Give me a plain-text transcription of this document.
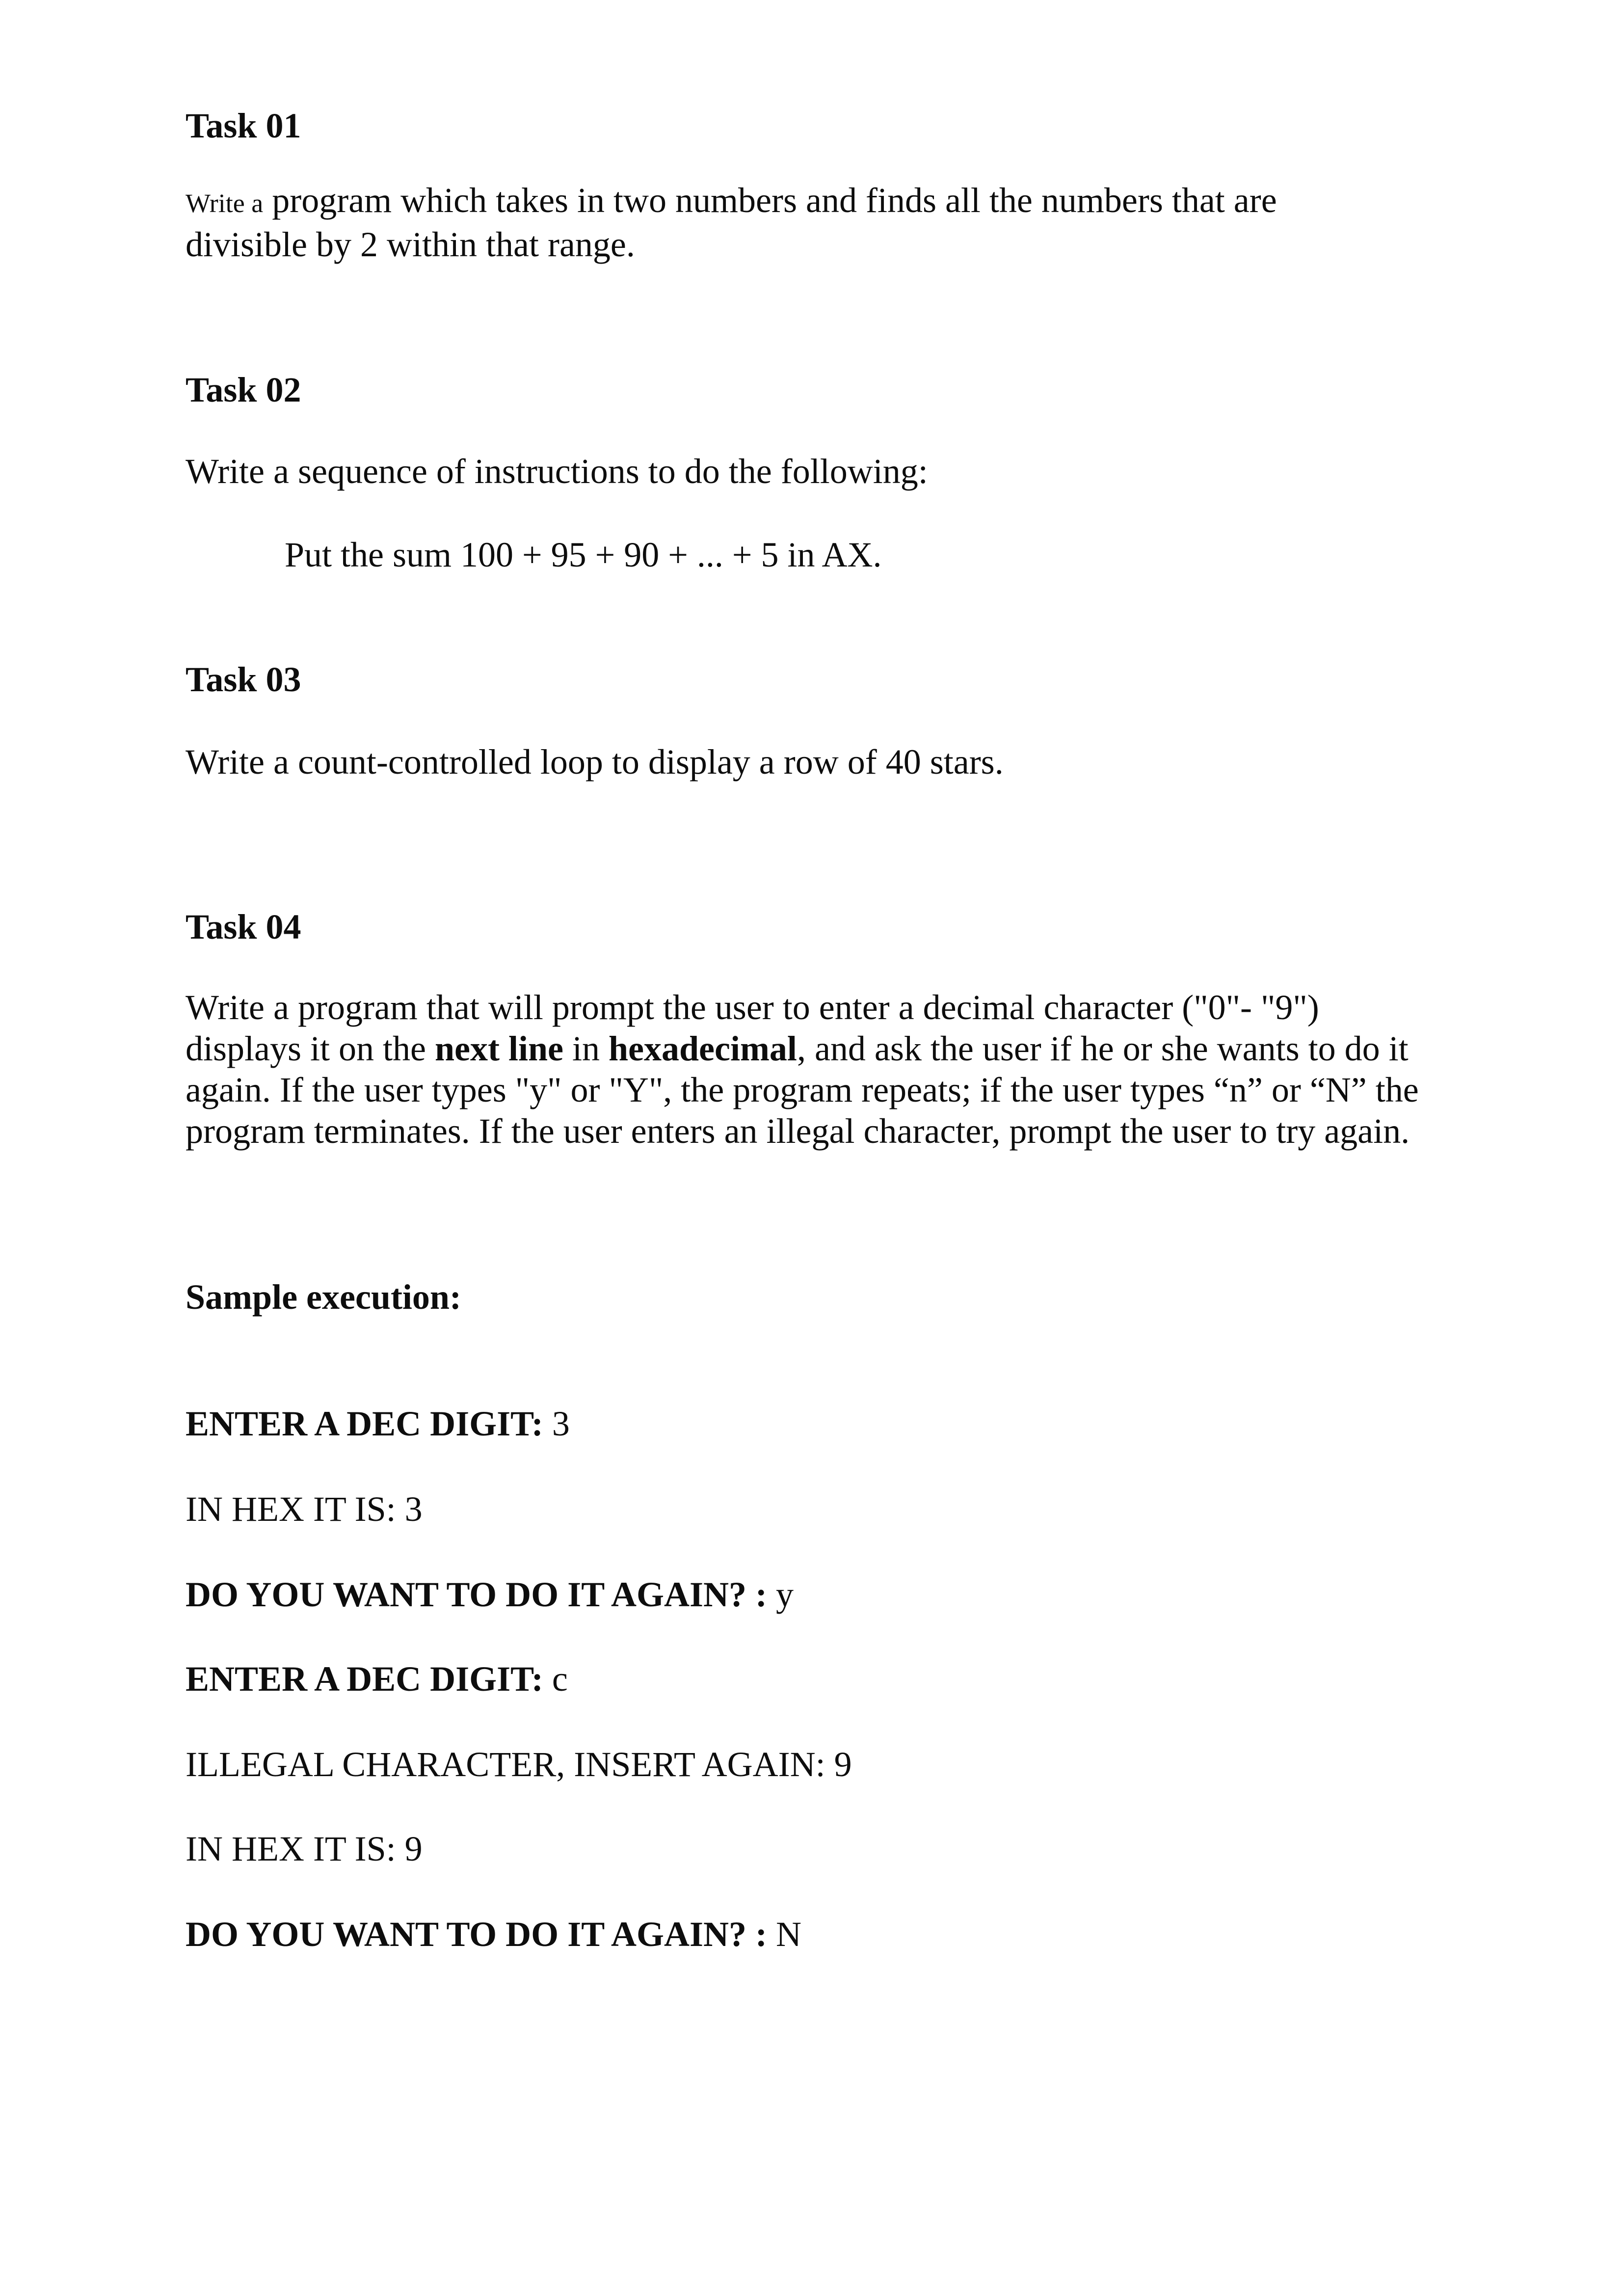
Task 01

Write a program which takes in two numbers and finds all the numbers that are
divisible by 2 within that range.

Task 02

Write a sequence of instructions to do the following:

Put the sum 100 + 95 + 90 + ... + 5 in AX.

Task 03

Write a count-controlled loop to display a row of 40 stars.

Task 04

Write a program that will prompt the user to enter a decimal character ("0"- "9") displays it on the next line in hexadecimal, and ask the user if he or she wants to do it again. If the user types "y" or "Y", the program repeats; if the user types “n” or “N” the program terminates. If the user enters an illegal character, prompt the user to try again.

Sample execution:

ENTER A DEC DIGIT: 3

IN HEX IT IS: 3

DO YOU WANT TO DO IT AGAIN? : y

ENTER A DEC DIGIT: c

ILLEGAL CHARACTER, INSERT AGAIN: 9

IN HEX IT IS: 9

DO YOU WANT TO DO IT AGAIN? : N
